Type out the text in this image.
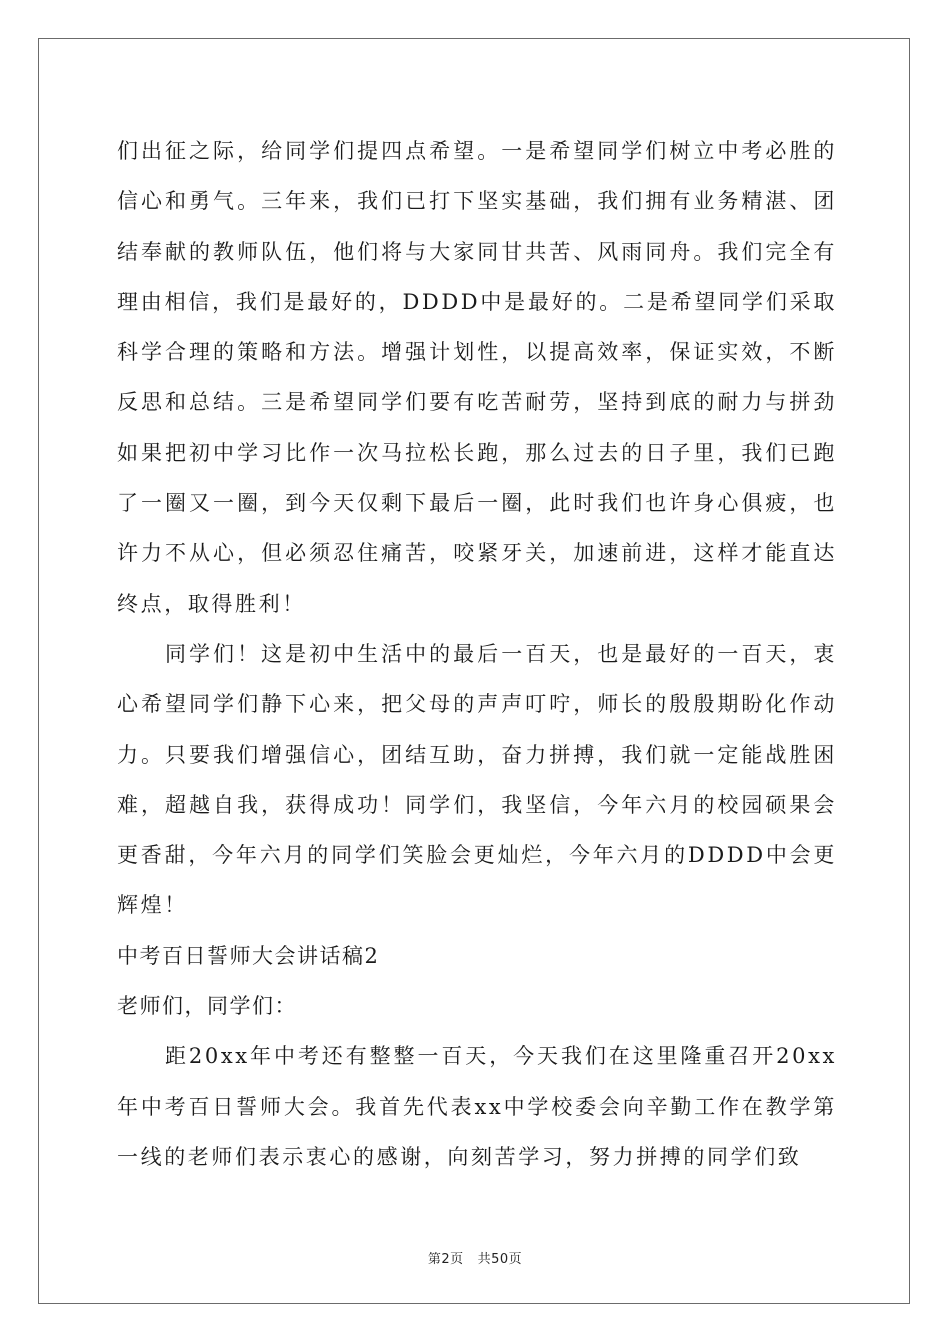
们出征之际，给同学们提四点希望。一是希望同学们树立中考必胜的信心和勇气。三年来，我们已打下坚实基础，我们拥有业务精湛、团结奉献的教师队伍，他们将与大家同甘共苦、风雨同舟。我们完全有理由相信，我们是最好的，DDDD中是最好的。二是希望同学们采取科学合理的策略和方法。增强计划性，以提高效率，保证实效，不断反思和总结。三是希望同学们要有吃苦耐劳，坚持到底的耐力与拼劲如果把初中学习比作一次马拉松长跑，那么过去的日子里，我们已跑了一圈又一圈，到今天仅剩下最后一圈，此时我们也许身心俱疲，也许力不从心，但必须忍住痛苦，咬紧牙关，加速前进，这样才能直达终点，取得胜利！

同学们！这是初中生活中的最后一百天，也是最好的一百天，衷心希望同学们静下心来，把父母的声声叮咛，师长的殷殷期盼化作动力。只要我们增强信心，团结互助，奋力拼搏，我们就一定能战胜困难，超越自我，获得成功！同学们，我坚信，今年六月的校园硕果会更香甜，今年六月的同学们笑脸会更灿烂，今年六月的DDDD中会更辉煌！

中考百日誓师大会讲话稿2

老师们，同学们：

距20xx年中考还有整整一百天，今天我们在这里隆重召开20xx年中考百日誓师大会。我首先代表xx中学校委会向辛勤工作在教学第一线的老师们表示衷心的感谢，向刻苦学习，努力拼搏的同学们致

第2页 共50页
